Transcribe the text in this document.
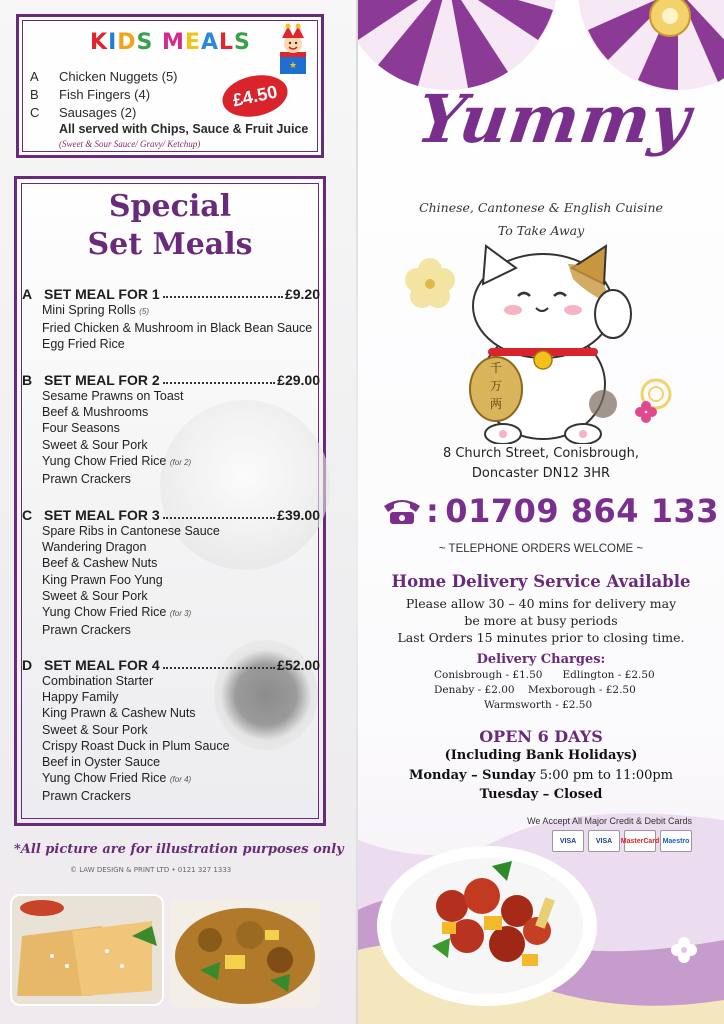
KIDS MEALS
★
£4.50
A	Chicken Nuggets (5)
B	Fish Fingers (4)
C	Sausages (2)
All served with Chips, Sauce & Fruit Juice
(Sweet & Sour Sauce/ Gravy/ Ketchup)
Special
Set Meals
A SET MEAL FOR 1	£9.20
Mini Spring Rolls (5)
Fried Chicken & Mushroom in Black Bean Sauce
Egg Fried Rice
B SET MEAL FOR 2	£29.00
Sesame Prawns on Toast
Beef & Mushrooms
Four Seasons
Sweet & Sour Pork
Yung Chow Fried Rice (for 2)
Prawn Crackers
C SET MEAL FOR 3	£39.00
Spare Ribs in Cantonese Sauce
Wandering Dragon
Beef & Cashew Nuts
King Prawn Foo Yung
Sweet & Sour Pork
Yung Chow Fried Rice (for 3)
Prawn Crackers
D SET MEAL FOR 4	£52.00
Combination Starter
Happy Family
King Prawn & Cashew Nuts
Sweet & Sour Pork
Crispy Roast Duck in Plum Sauce
Beef in Oyster Sauce
Yung Chow Fried Rice (for 4)
Prawn Crackers
*All picture are for illustration purposes only
© LAW DESIGN & PRINT LTD • 0121 327 1333
Yummy
Chinese, Cantonese & English Cuisine
To Take Away
千
万
两
8 Church Street, Conisbrough,
Doncaster DN12 3HR
: 01709 864 133
~ TELEPHONE ORDERS WELCOME ~
Home Delivery Service Available
Please allow 30 – 40 mins for delivery may
be more at busy periods
Last Orders 15 minutes prior to closing time.
Delivery Charges:
Conisbrough - £1.50 Edlington - £2.50
Denaby - £2.00 Mexborough - £2.50
Warmsworth - £2.50
OPEN 6 DAYS
(Including Bank Holidays)
Monday – Sunday 5:00 pm to 11:00pm
Tuesday – Closed
We Accept All Major Credit & Debit Cards
VISA	VISA	MasterCard Maestro
